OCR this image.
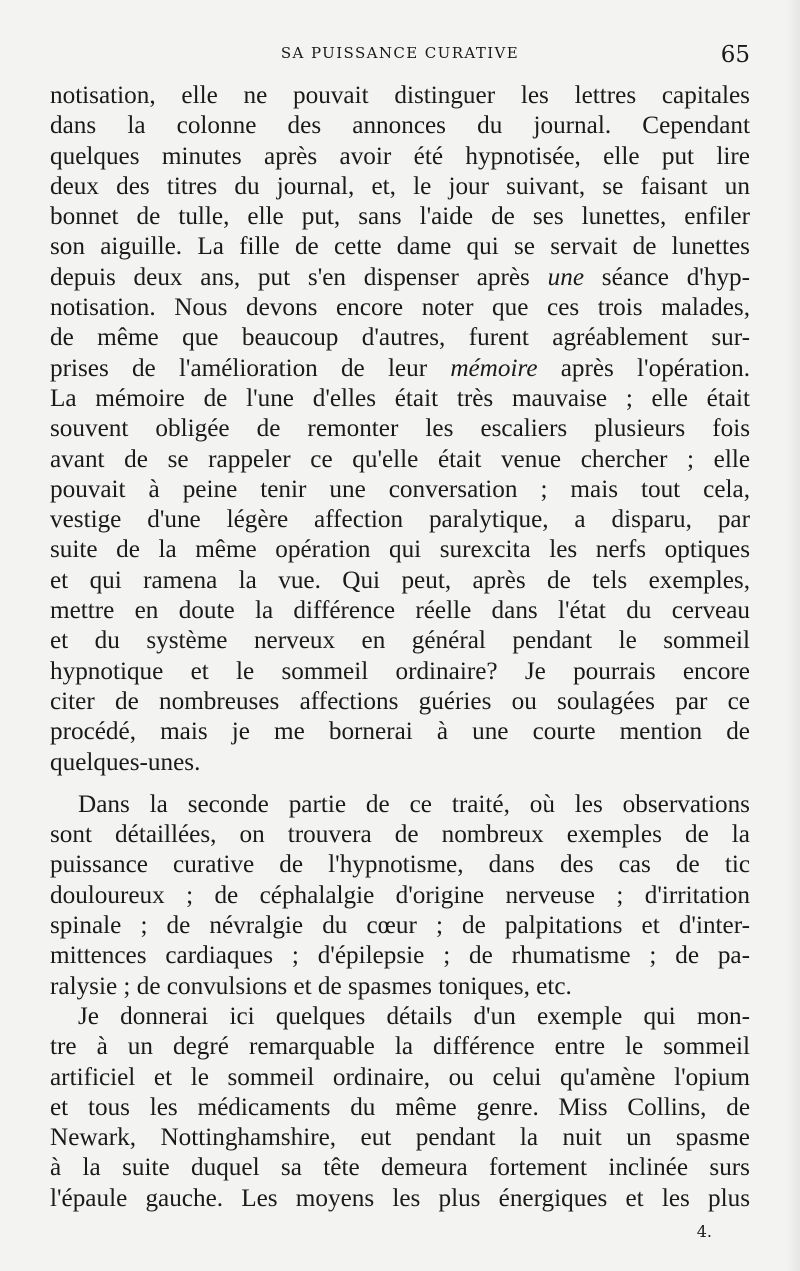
SA PUISSANCE CURATIVE	65
notisation, elle ne pouvait distinguer les lettres capitales
dans la colonne des annonces du journal. Cependant
quelques minutes après avoir été hypnotisée, elle put lire
deux des titres du journal, et, le jour suivant, se faisant un
bonnet de tulle, elle put, sans l'aide de ses lunettes, enfiler
son aiguille. La fille de cette dame qui se servait de lunettes
depuis deux ans, put s'en dispenser après une séance d'hyp-
notisation. Nous devons encore noter que ces trois malades,
de même que beaucoup d'autres, furent agréablement sur-
prises de l'amélioration de leur mémoire après l'opération.
La mémoire de l'une d'elles était très mauvaise ; elle était
souvent obligée de remonter les escaliers plusieurs fois
avant de se rappeler ce qu'elle était venue chercher ; elle
pouvait à peine tenir une conversation ; mais tout cela,
vestige d'une légère affection paralytique, a disparu, par
suite de la même opération qui surexcita les nerfs optiques
et qui ramena la vue. Qui peut, après de tels exemples,
mettre en doute la différence réelle dans l'état du cerveau
et du système nerveux en général pendant le sommeil
hypnotique et le sommeil ordinaire? Je pourrais encore
citer de nombreuses affections guéries ou soulagées par ce
procédé, mais je me bornerai à une courte mention de
quelques-unes.
Dans la seconde partie de ce traité, où les observations
sont détaillées, on trouvera de nombreux exemples de la
puissance curative de l'hypnotisme, dans des cas de tic
douloureux ; de céphalalgie d'origine nerveuse ; d'irritation
spinale ; de névralgie du cœur ; de palpitations et d'inter-
mittences cardiaques ; d'épilepsie ; de rhumatisme ; de pa-
ralysie ; de convulsions et de spasmes toniques, etc.
Je donnerai ici quelques détails d'un exemple qui mon-
tre à un degré remarquable la différence entre le sommeil
artificiel et le sommeil ordinaire, ou celui qu'amène l'opium
et tous les médicaments du même genre. Miss Collins, de
Newark, Nottinghamshire, eut pendant la nuit un spasme
à la suite duquel sa tête demeura fortement inclinée surs
l'épaule gauche. Les moyens les plus énergiques et les plus
4.
